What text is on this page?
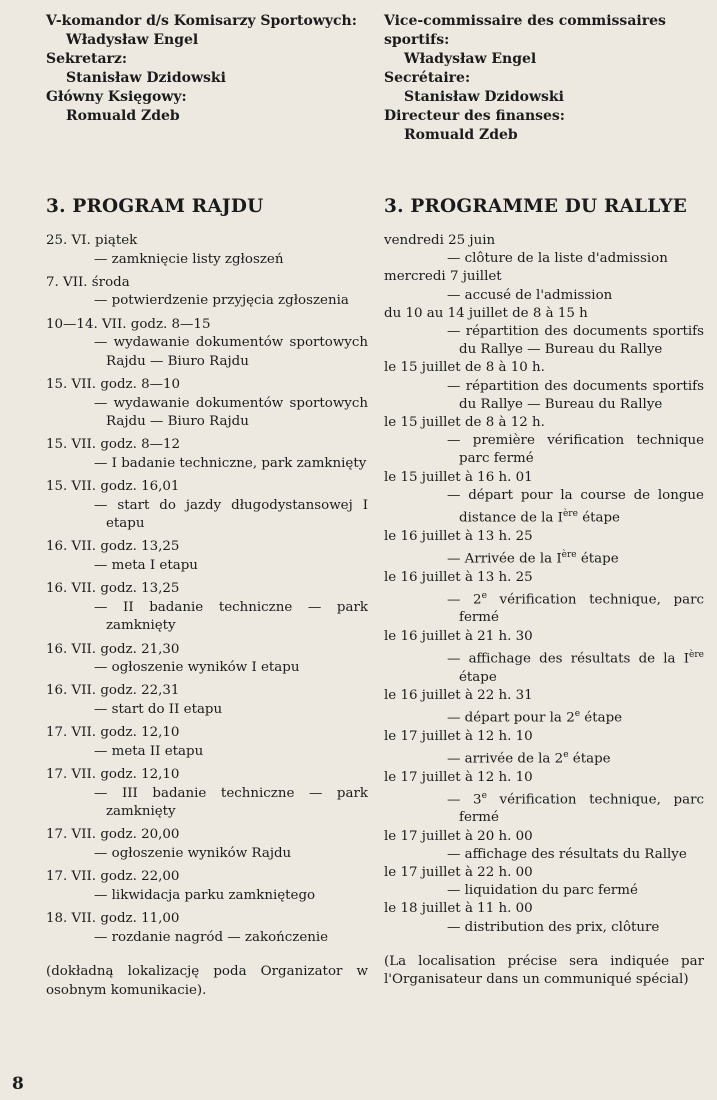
V-komandor d/s Komisarzy Sportowych:
Władysław Engel
Sekretarz:
Stanisław Dzidowski
Główny Księgowy:
Romuald Zdeb
3. PROGRAM RAJDU
25. VI. piątek
— zamknięcie listy zgłoszeń
7. VII. środa
— potwierdzenie przyjęcia zgłoszenia
10—14. VII. godz. 8—15
— wydawanie dokumentów sportowych Rajdu — Biuro Rajdu
15. VII. godz. 8—10
— wydawanie dokumentów sportowych Rajdu — Biuro Rajdu
15. VII. godz. 8—12
— I badanie techniczne, park zamknięty
15. VII. godz. 16,01
— start do jazdy długodystansowej I etapu
16. VII. godz. 13,25
— meta I etapu
16. VII. godz. 13,25
— II badanie techniczne — park zamknięty
16. VII. godz. 21,30
— ogłoszenie wyników I etapu
16. VII. godz. 22,31
— start do II etapu
17. VII. godz. 12,10
— meta II etapu
17. VII. godz. 12,10
— III badanie techniczne — park zamknięty
17. VII. godz. 20,00
— ogłoszenie wyników Rajdu
17. VII. godz. 22,00
— likwidacja parku zamkniętego
18. VII. godz. 11,00
— rozdanie nagród — zakończenie
(dokładną lokalizację poda Organizator w osobnym komunikacie).
Vice-commissaire des commissaires sportifs:
Władysław Engel
Secrétaire:
Stanisław Dzidowski
Directeur des finanses:
Romuald Zdeb
3. PROGRAMME DU RALLYE
vendredi 25 juin
— clôture de la liste d'admission
mercredi 7 juillet
— accusé de l'admission
du 10 au 14 juillet de 8 à 15 h
— répartition des documents sportifs du Rallye — Bureau du Rallye
le 15 juillet de 8 à 10 h.
— répartition des documents sportifs du Rallye — Bureau du Rallye
le 15 juillet de 8 à 12 h.
— première vérification technique parc fermé
le 15 juillet à 16 h. 01
— départ pour la course de longue distance de la Ière étape
le 16 juillet à 13 h. 25
— Arrivée de la Ière étape
le 16 juillet à 13 h. 25
— 2e vérification technique, parc fermé
le 16 juillet à 21 h. 30
— affichage des résultats de la Ière étape
le 16 juillet à 22 h. 31
— départ pour la 2e étape
le 17 juillet à 12 h. 10
— arrivée de la 2e étape
le 17 juillet à 12 h. 10
— 3e vérification technique, parc fermé
le 17 juillet à 20 h. 00
— affichage des résultats du Rallye
le 17 juillet à 22 h. 00
— liquidation du parc fermé
le 18 juillet à 11 h. 00
— distribution des prix, clôture
(La localisation précise sera indiquée par l'Organisateur dans un communiqué spécial)
8
